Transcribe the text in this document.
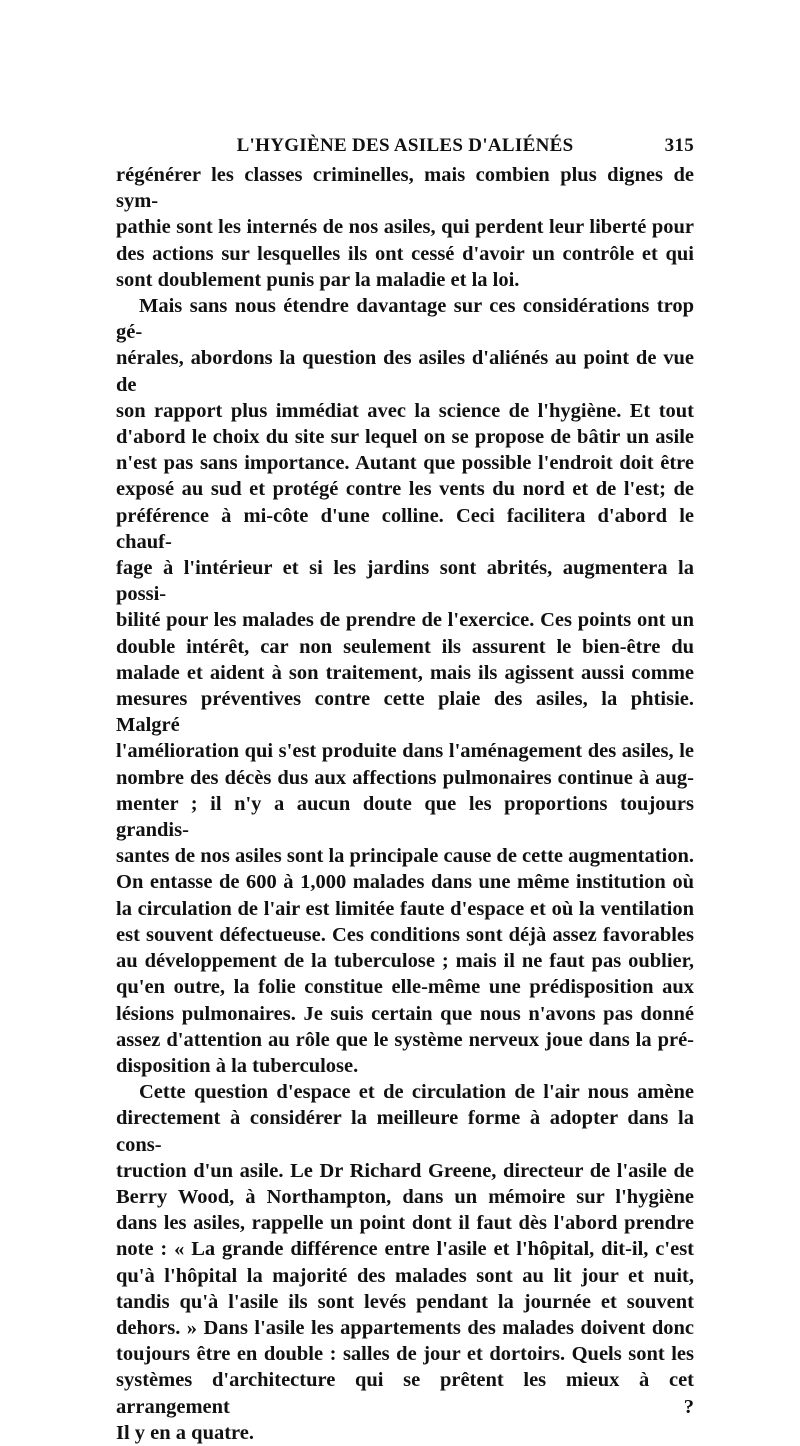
L'HYGIÈNE DES ASILES D'ALIÉNÉS	315
régénérer les classes criminelles, mais combien plus dignes de sym-
pathie sont les internés de nos asiles, qui perdent leur liberté pour
des actions sur lesquelles ils ont cessé d'avoir un contrôle et qui
sont doublement punis par la maladie et la loi.
Mais sans nous étendre davantage sur ces considérations trop gé-
nérales, abordons la question des asiles d'aliénés au point de vue de
son rapport plus immédiat avec la science de l'hygiène. Et tout
d'abord le choix du site sur lequel on se propose de bâtir un asile
n'est pas sans importance. Autant que possible l'endroit doit être
exposé au sud et protégé contre les vents du nord et de l'est; de
préférence à mi-côte d'une colline. Ceci facilitera d'abord le chauf-
fage à l'intérieur et si les jardins sont abrités, augmentera la possi-
bilité pour les malades de prendre de l'exercice. Ces points ont un
double intérêt, car non seulement ils assurent le bien-être du
malade et aident à son traitement, mais ils agissent aussi comme
mesures préventives contre cette plaie des asiles, la phtisie. Malgré
l'amélioration qui s'est produite dans l'aménagement des asiles, le
nombre des décès dus aux affections pulmonaires continue à aug-
menter ; il n'y a aucun doute que les proportions toujours grandis-
santes de nos asiles sont la principale cause de cette augmentation.
On entasse de 600 à 1,000 malades dans une même institution où
la circulation de l'air est limitée faute d'espace et où la ventilation
est souvent défectueuse. Ces conditions sont déjà assez favorables
au développement de la tuberculose ; mais il ne faut pas oublier,
qu'en outre, la folie constitue elle-même une prédisposition aux
lésions pulmonaires. Je suis certain que nous n'avons pas donné
assez d'attention au rôle que le système nerveux joue dans la pré-
disposition à la tuberculose.
Cette question d'espace et de circulation de l'air nous amène
directement à considérer la meilleure forme à adopter dans la cons-
truction d'un asile. Le Dr Richard Greene, directeur de l'asile de
Berry Wood, à Northampton, dans un mémoire sur l'hygiène
dans les asiles, rappelle un point dont il faut dès l'abord prendre
note : « La grande différence entre l'asile et l'hôpital, dit-il, c'est
qu'à l'hôpital la majorité des malades sont au lit jour et nuit,
tandis qu'à l'asile ils sont levés pendant la journée et souvent
dehors. » Dans l'asile les appartements des malades doivent donc
toujours être en double : salles de jour et dortoirs. Quels sont les
systèmes d'architecture qui se prêtent les mieux à cet arrangement ?
Il y en a quatre.
